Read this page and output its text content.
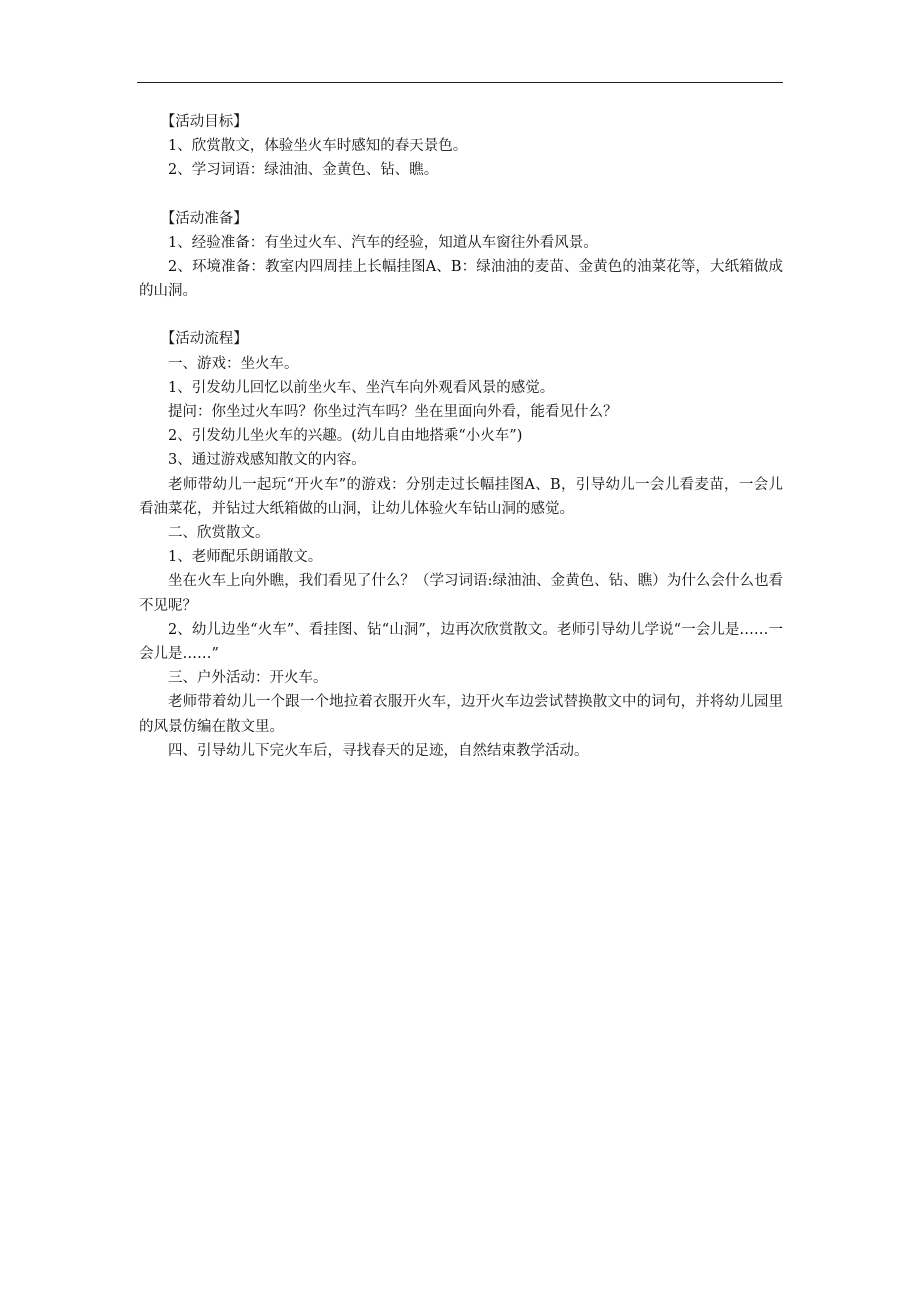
【活动目标】

1、欣赏散文，体验坐火车时感知的春天景色。

2、学习词语：绿油油、金黄色、钻、瞧。

【活动准备】

1、经验准备：有坐过火车、汽车的经验，知道从车窗往外看风景。

2、环境准备：教室内四周挂上长幅挂图A、B：绿油油的麦苗、金黄色的油菜花等，大纸箱做成的山洞。

【活动流程】

一、游戏：坐火车。

1、引发幼儿回忆以前坐火车、坐汽车向外观看风景的感觉。

提问：你坐过火车吗？你坐过汽车吗？坐在里面向外看，能看见什么？

2、引发幼儿坐火车的兴趣。(幼儿自由地搭乘“小火车”)

3、通过游戏感知散文的内容。

老师带幼儿一起玩“开火车”的游戏：分别走过长幅挂图A、B，引导幼儿一会儿看麦苗，一会儿看油菜花，并钻过大纸箱做的山洞，让幼儿体验火车钻山洞的感觉。

二、欣赏散文。

1、老师配乐朗诵散文。

坐在火车上向外瞧，我们看见了什么？（学习词语:绿油油、金黄色、钻、瞧）为什么会什么也看不见呢？

2、幼儿边坐“火车”、看挂图、钻“山洞”，边再次欣赏散文。老师引导幼儿学说“一会儿是……一会儿是……”

三、户外活动：开火车。

老师带着幼儿一个跟一个地拉着衣服开火车，边开火车边尝试替换散文中的词句，并将幼儿园里的风景仿编在散文里。

四、引导幼儿下完火车后，寻找春天的足迹，自然结束教学活动。
